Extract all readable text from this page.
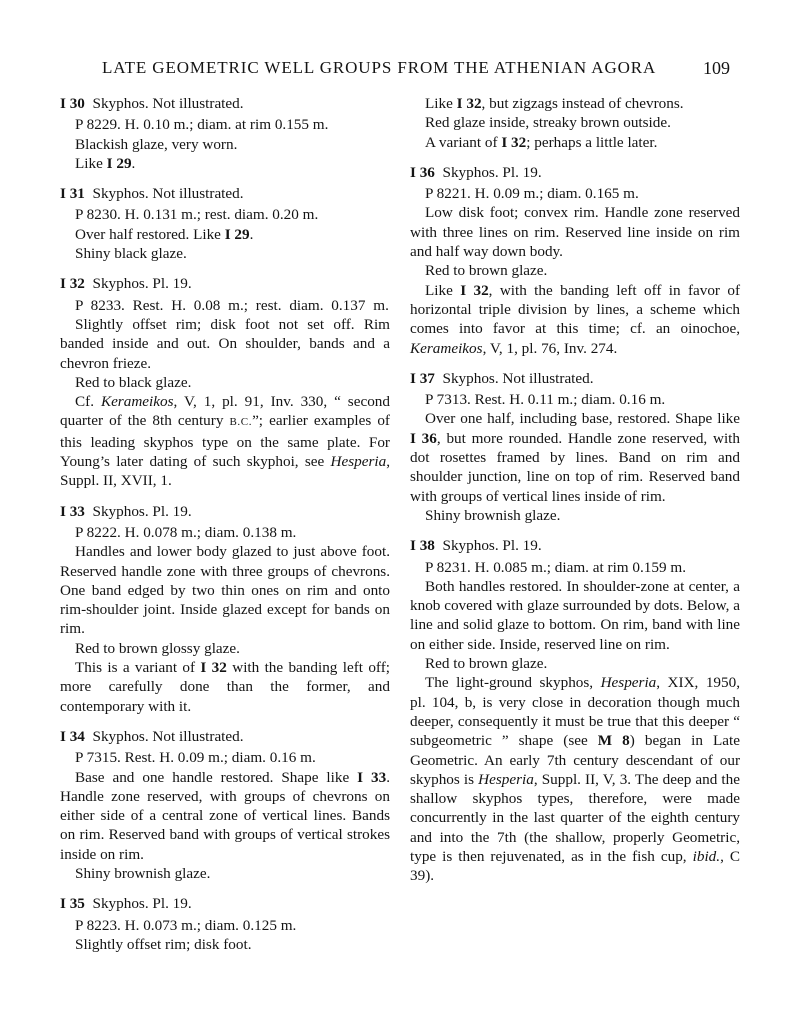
LATE GEOMETRIC WELL GROUPS FROM THE ATHENIAN AGORA	109
I 30 Skyphos. Not illustrated.

P 8229. H. 0.10 m.; diam. at rim 0.155 m.

Blackish glaze, very worn.

Like I 29.

I 31 Skyphos. Not illustrated.

P 8230. H. 0.131 m.; rest. diam. 0.20 m.

Over half restored. Like I 29.

Shiny black glaze.

I 32 Skyphos. Pl. 19.

P 8233. Rest. H. 0.08 m.; rest. diam. 0.137 m.

Slightly offset rim; disk foot not set off. Rim banded inside and out. On shoulder, bands and a chevron frieze.

Red to black glaze.

Cf. Kerameikos, V, 1, pl. 91, Inv. 330, “ second quarter of the 8th century B.C.”; earlier examples of this leading skyphos type on the same plate. For Young’s later dating of such skyphoi, see Hesperia, Suppl. II, XVII, 1.

I 33 Skyphos. Pl. 19.

P 8222. H. 0.078 m.; diam. 0.138 m.

Handles and lower body glazed to just above foot. Reserved handle zone with three groups of chevrons. One band edged by two thin ones on rim and onto rim-shoulder joint. Inside glazed except for bands on rim.

Red to brown glossy glaze.

This is a variant of I 32 with the banding left off; more carefully done than the former, and contemporary with it.

I 34 Skyphos. Not illustrated.

P 7315. Rest. H. 0.09 m.; diam. 0.16 m.

Base and one handle restored. Shape like I 33. Handle zone reserved, with groups of chevrons on either side of a central zone of vertical lines. Bands on rim. Reserved band with groups of vertical strokes inside on rim.

Shiny brownish glaze.

I 35 Skyphos. Pl. 19.

P 8223. H. 0.073 m.; diam. 0.125 m.

Slightly offset rim; disk foot.

Like I 32, but zigzags instead of chevrons.

Red glaze inside, streaky brown outside.

A variant of I 32; perhaps a little later.

I 36 Skyphos. Pl. 19.

P 8221. H. 0.09 m.; diam. 0.165 m.

Low disk foot; convex rim. Handle zone reserved with three lines on rim. Reserved line inside on rim and half way down body.

Red to brown glaze.

Like I 32, with the banding left off in favor of horizontal triple division by lines, a scheme which comes into favor at this time; cf. an oinochoe, Kerameikos, V, 1, pl. 76, Inv. 274.

I 37 Skyphos. Not illustrated.

P 7313. Rest. H. 0.11 m.; diam. 0.16 m.

Over one half, including base, restored. Shape like I 36, but more rounded. Handle zone reserved, with dot rosettes framed by lines. Band on rim and shoulder junction, line on top of rim. Reserved band with groups of vertical lines inside of rim.

Shiny brownish glaze.

I 38 Skyphos. Pl. 19.

P 8231. H. 0.085 m.; diam. at rim 0.159 m.

Both handles restored. In shoulder-zone at center, a knob covered with glaze surrounded by dots. Below, a line and solid glaze to bottom. On rim, band with line on either side. Inside, reserved line on rim.

Red to brown glaze.

The light-ground skyphos, Hesperia, XIX, 1950, pl. 104, b, is very close in decoration though much deeper, consequently it must be true that this deeper “ subgeometric ” shape (see M 8) began in Late Geometric. An early 7th century descendant of our skyphos is Hesperia, Suppl. II, V, 3. The deep and the shallow skyphos types, therefore, were made concurrently in the last quarter of the eighth century and into the 7th (the shallow, properly Geometric, type is then rejuvenated, as in the fish cup, ibid., C 39).
